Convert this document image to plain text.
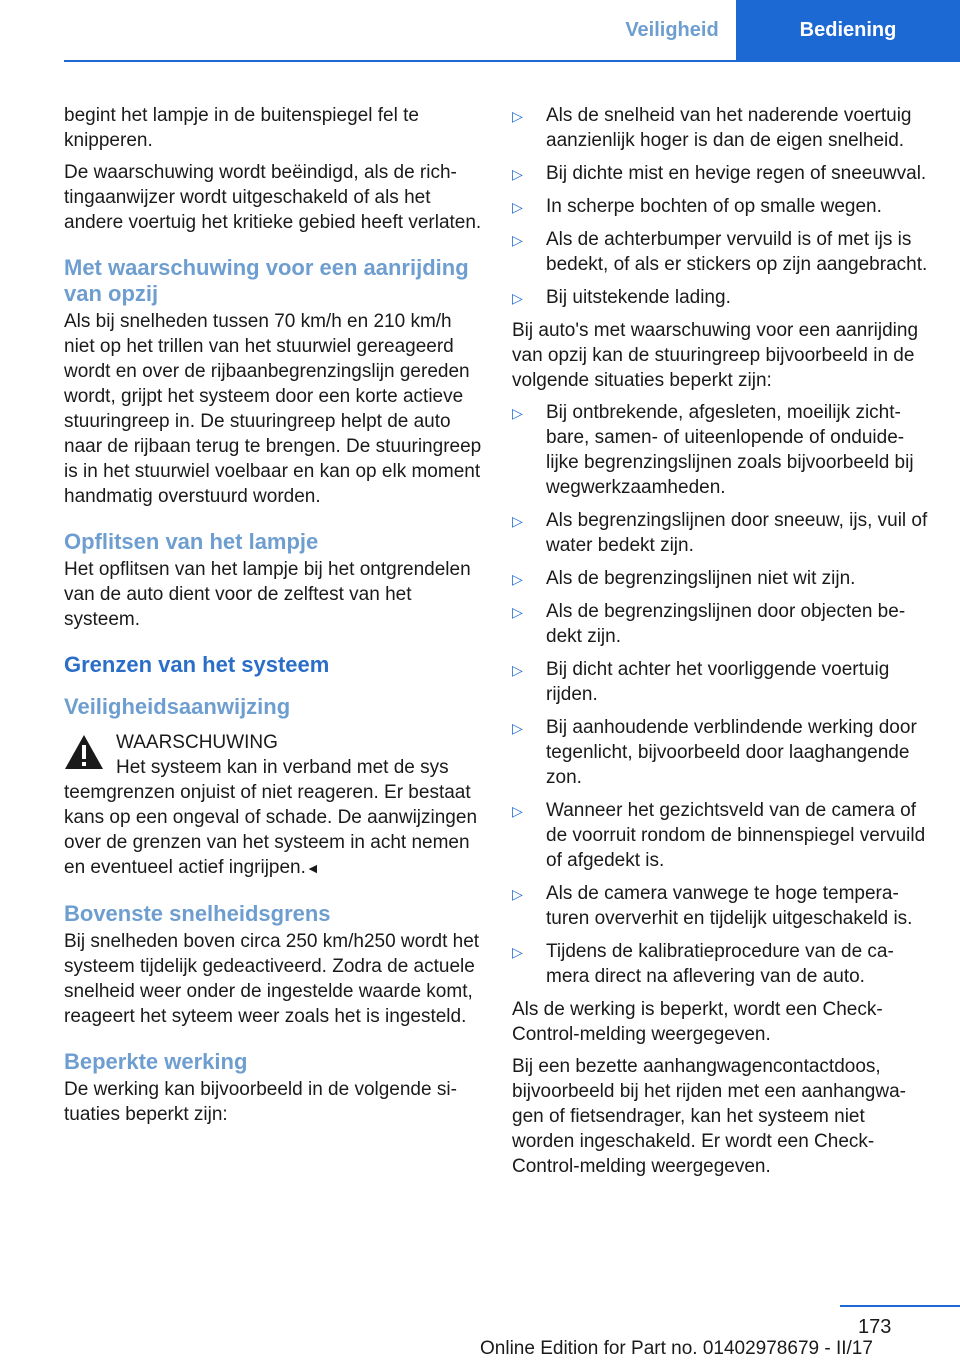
Veiligheid	Bediening

begint het lampje in de buitenspiegel fel te knipperen.

De waarschuwing wordt beëindigd, als de richtingaanwijzer wordt uitgeschakeld of als het andere voertuig het kritieke gebied heeft verlaten.

Met waarschuwing voor een aanrijding van opzij

Als bij snelheden tussen 70 km/h en 210 km/h niet op het trillen van het stuurwiel gereageerd wordt en over de rijbaanbegrenzingslijn gereden wordt, grijpt het systeem door een korte actieve stuuringreep in. De stuuringreep helpt de auto naar de rijbaan terug te brengen. De stuuringreep is in het stuurwiel voelbaar en kan op elk moment handmatig overstuurd worden.

Opflitsen van het lampje

Het opflitsen van het lampje bij het ontgrendelen van de auto dient voor de zelftest van het systeem.

Grenzen van het systeem
Veiligheidsaanwijzing
WAARSCHUWING
Het systeem kan in verband met de sys

teemgrenzen onjuist of niet reageren. Er bestaat kans op een ongeval of schade. De aanwijzingen over de grenzen van het systeem in acht nemen en eventueel actief ingrijpen.◄

Bovenste snelheidsgrens

Bij snelheden boven circa 250 km/h250 wordt het systeem tijdelijk gedeactiveerd. Zodra de actuele snelheid weer onder de ingestelde waarde komt, reageert het syteem weer zoals het is ingesteld.

Beperkte werking

De werking kan bijvoorbeeld in de volgende situaties beperkt zijn:

▷ Als de snelheid van het naderende voertuig aanzienlijk hoger is dan de eigen snelheid.
▷ Bij dichte mist en hevige regen of sneeuwval.
▷ In scherpe bochten of op smalle wegen.
▷ Als de achterbumper vervuild is of met ijs is bedekt, of als er stickers op zijn aangebracht.
▷ Bij uitstekende lading.

Bij auto's met waarschuwing voor een aanrijding van opzij kan de stuuringreep bijvoorbeeld in de volgende situaties beperkt zijn:

▷ Bij ontbrekende, afgesleten, moeilijk zichtbare, samen- of uiteenlopende of onduidelijke begrenzingslijnen zoals bijvoorbeeld bij wegwerkzaamheden.
▷ Als begrenzingslijnen door sneeuw, ijs, vuil of water bedekt zijn.
▷ Als de begrenzingslijnen niet wit zijn.
▷ Als de begrenzingslijnen door objecten bedekt zijn.
▷ Bij dicht achter het voorliggende voertuig rijden.
▷ Bij aanhoudende verblindende werking door tegenlicht, bijvoorbeeld door laaghangende zon.
▷ Wanneer het gezichtsveld van de camera of de voorruit rondom de binnenspiegel vervuild of afgedekt is.
▷ Als de camera vanwege te hoge temperaturen oververhit en tijdelijk uitgeschakeld is.
▷ Tijdens de kalibratieprocedure van de camera direct na aflevering van de auto.

Als de werking is beperkt, wordt een Check-Control-melding weergegeven.

Bij een bezette aanhangwagencontactdoos, bijvoorbeeld bij het rijden met een aanhangwagen of fietsendrager, kan het systeem niet worden ingeschakeld. Er wordt een Check-Control-melding weergegeven.

173
Online Edition for Part no. 01402978679 - II/17
